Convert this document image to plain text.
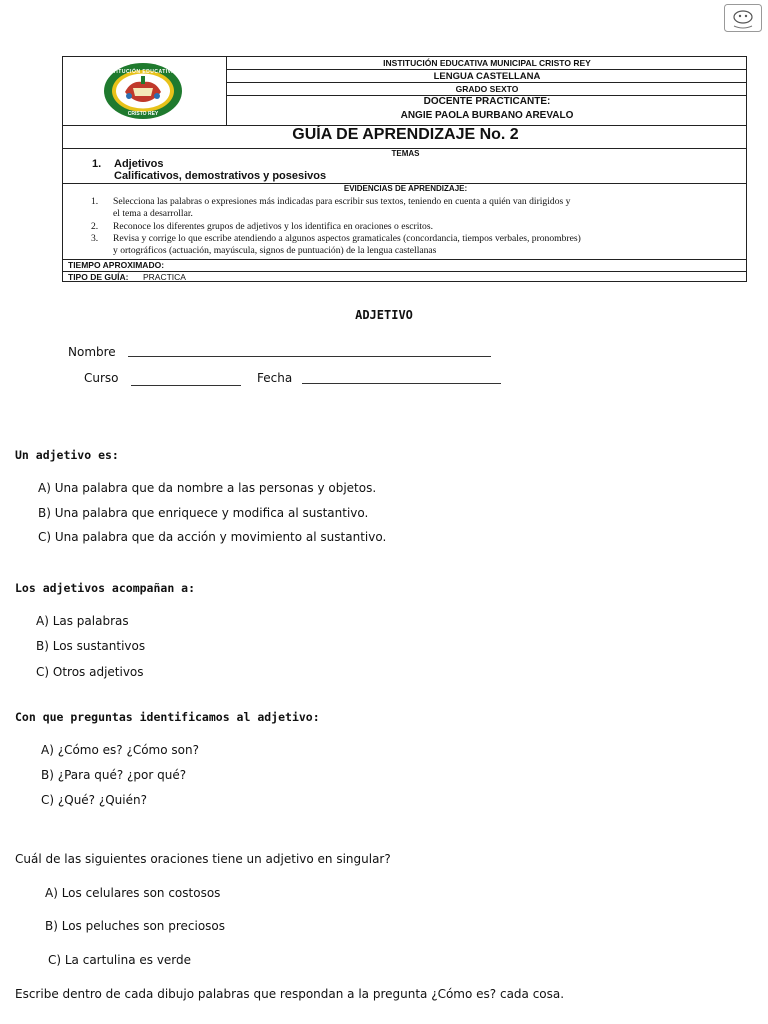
INSTITUCIÓN EDUCATIVA MUNICIPAL
CRISTO REY
INSTITUCIÓN EDUCATIVA MUNICIPAL CRISTO REY
LENGUA CASTELLANA
GRADO SEXTO
DOCENTE PRACTICANTE:
ANGIE PAOLA BURBANO AREVALO
GUÍA DE APRENDIZAJE No. 2
TEMAS
1. Adjetivos
Calificativos, demostrativos y posesivos
EVIDENCIAS DE APRENDIZAJE:
1. Selecciona las palabras o expresiones más indicadas para escribir sus textos, teniendo en cuenta a quién van dirigidos y
el tema a desarrollar.
2. Reconoce los diferentes grupos de adjetivos y los identifica en oraciones o escritos.
3. Revisa y corrige lo que escribe atendiendo a algunos aspectos gramaticales (concordancia, tiempos verbales, pronombres)
y ortográficos (actuación, mayúscula, signos de puntuación) de la lengua castellanas
TIEMPO APROXIMADO:
TIPO DE GUÍA: PRACTICA
ADJETIVO
Nombre
Curso	Fecha
Un adjetivo es:
A) Una palabra que da nombre a las personas y objetos.
B) Una palabra que enriquece y modifica al sustantivo.
C) Una palabra que da acción y movimiento al sustantivo.
Los adjetivos acompañan a:
A) Las palabras
B) Los sustantivos
C) Otros adjetivos
Con que preguntas identificamos al adjetivo:
A) ¿Cómo es? ¿Cómo son?
B) ¿Para qué? ¿por qué?
C) ¿Qué? ¿Quién?
Cuál de las siguientes oraciones tiene un adjetivo en singular?
A) Los celulares son costosos
B) Los peluches son preciosos
C) La cartulina es verde
Escribe dentro de cada dibujo palabras que respondan a la pregunta ¿Cómo es? cada cosa.
